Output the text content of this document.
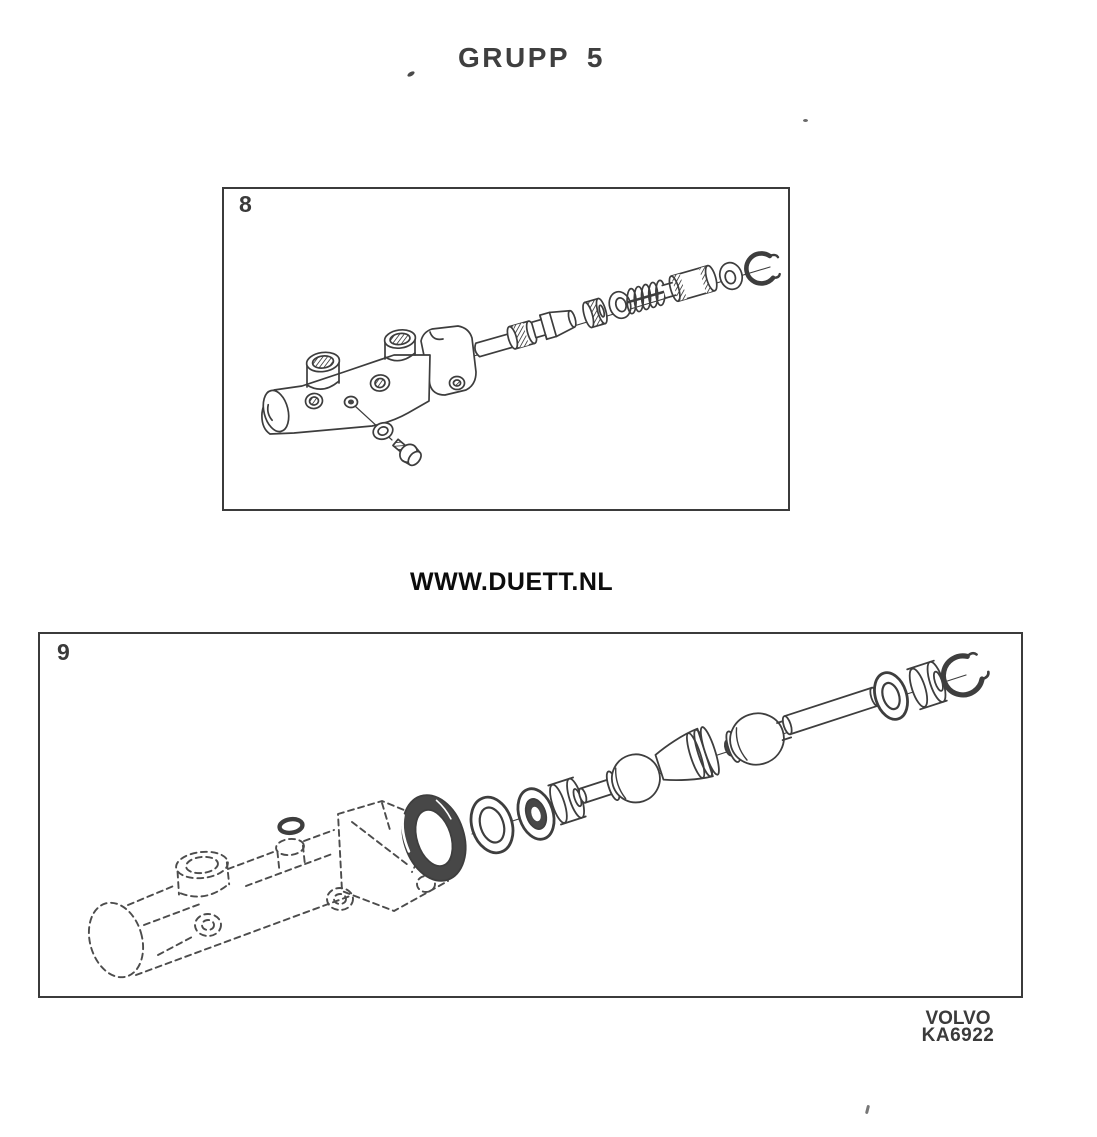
GRUPP 5
8
WWW.DUETT.NL
9
VOLVO
KA6922
